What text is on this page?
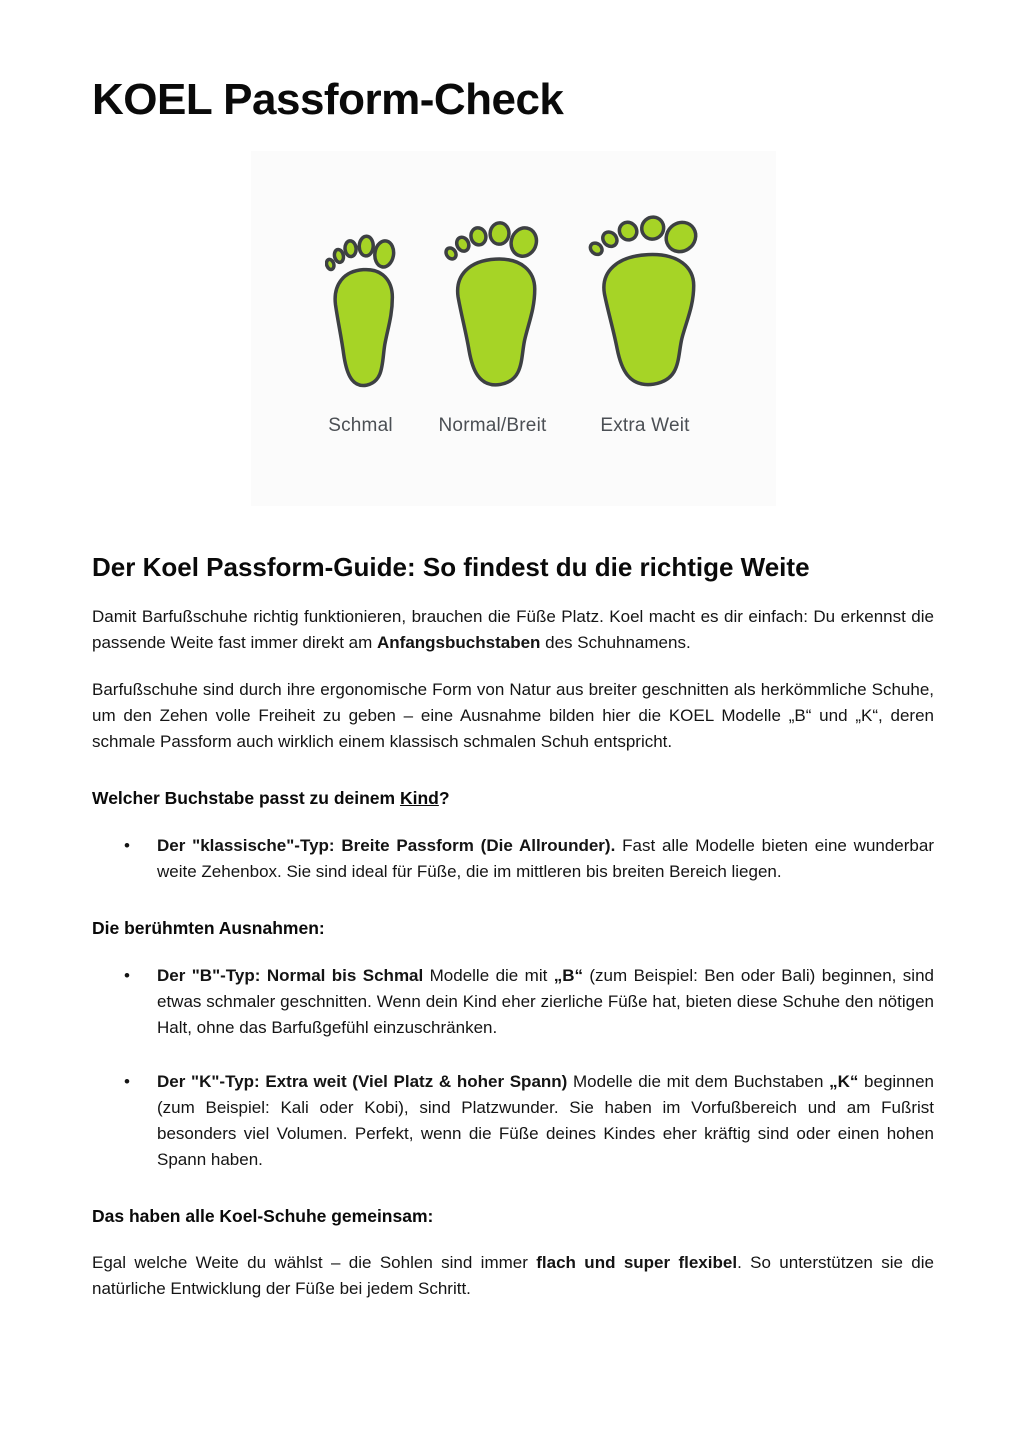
KOEL Passform-Check
Schmal Normal/Breit	Extra Weit
Der Koel Passform-Guide: So findest du die richtige Weite

Damit Barfußschuhe richtig funktionieren, brauchen die Füße Platz. Koel macht es dir einfach: Du erkennst die passende Weite fast immer direkt am Anfangsbuchstaben des Schuhnamens.

Barfußschuhe sind durch ihre ergonomische Form von Natur aus breiter geschnitten als herkömmliche Schuhe, um den Zehen volle Freiheit zu geben – eine Ausnahme bilden hier die KOEL Modelle „B“ und „K“, deren schmale Passform auch wirklich einem klassisch schmalen Schuh entspricht.

Welcher Buchstabe passt zu deinem Kind?
• Der "klassische"-Typ: Breite Passform (Die Allrounder). Fast alle Modelle bieten eine wunderbar weite Zehenbox. Sie sind ideal für Füße, die im mittleren bis breiten Bereich liegen.
Die berühmten Ausnahmen:
• Der "B"-Typ: Normal bis Schmal Modelle die mit „B“ (zum Beispiel: Ben oder Bali) beginnen, sind etwas schmaler geschnitten. Wenn dein Kind eher zierliche Füße hat, bieten diese Schuhe den nötigen Halt, ohne das Barfußgefühl einzuschränken.
• Der "K"-Typ: Extra weit (Viel Platz & hoher Spann) Modelle die mit dem Buchstaben „K“ beginnen (zum Beispiel: Kali oder Kobi), sind Platzwunder. Sie haben im Vorfußbereich und am Fußrist besonders viel Volumen. Perfekt, wenn die Füße deines Kindes eher kräftig sind oder einen hohen Spann haben.
Das haben alle Koel-Schuhe gemeinsam:

Egal welche Weite du wählst – die Sohlen sind immer flach und super flexibel. So unterstützen sie die natürliche Entwicklung der Füße bei jedem Schritt.
